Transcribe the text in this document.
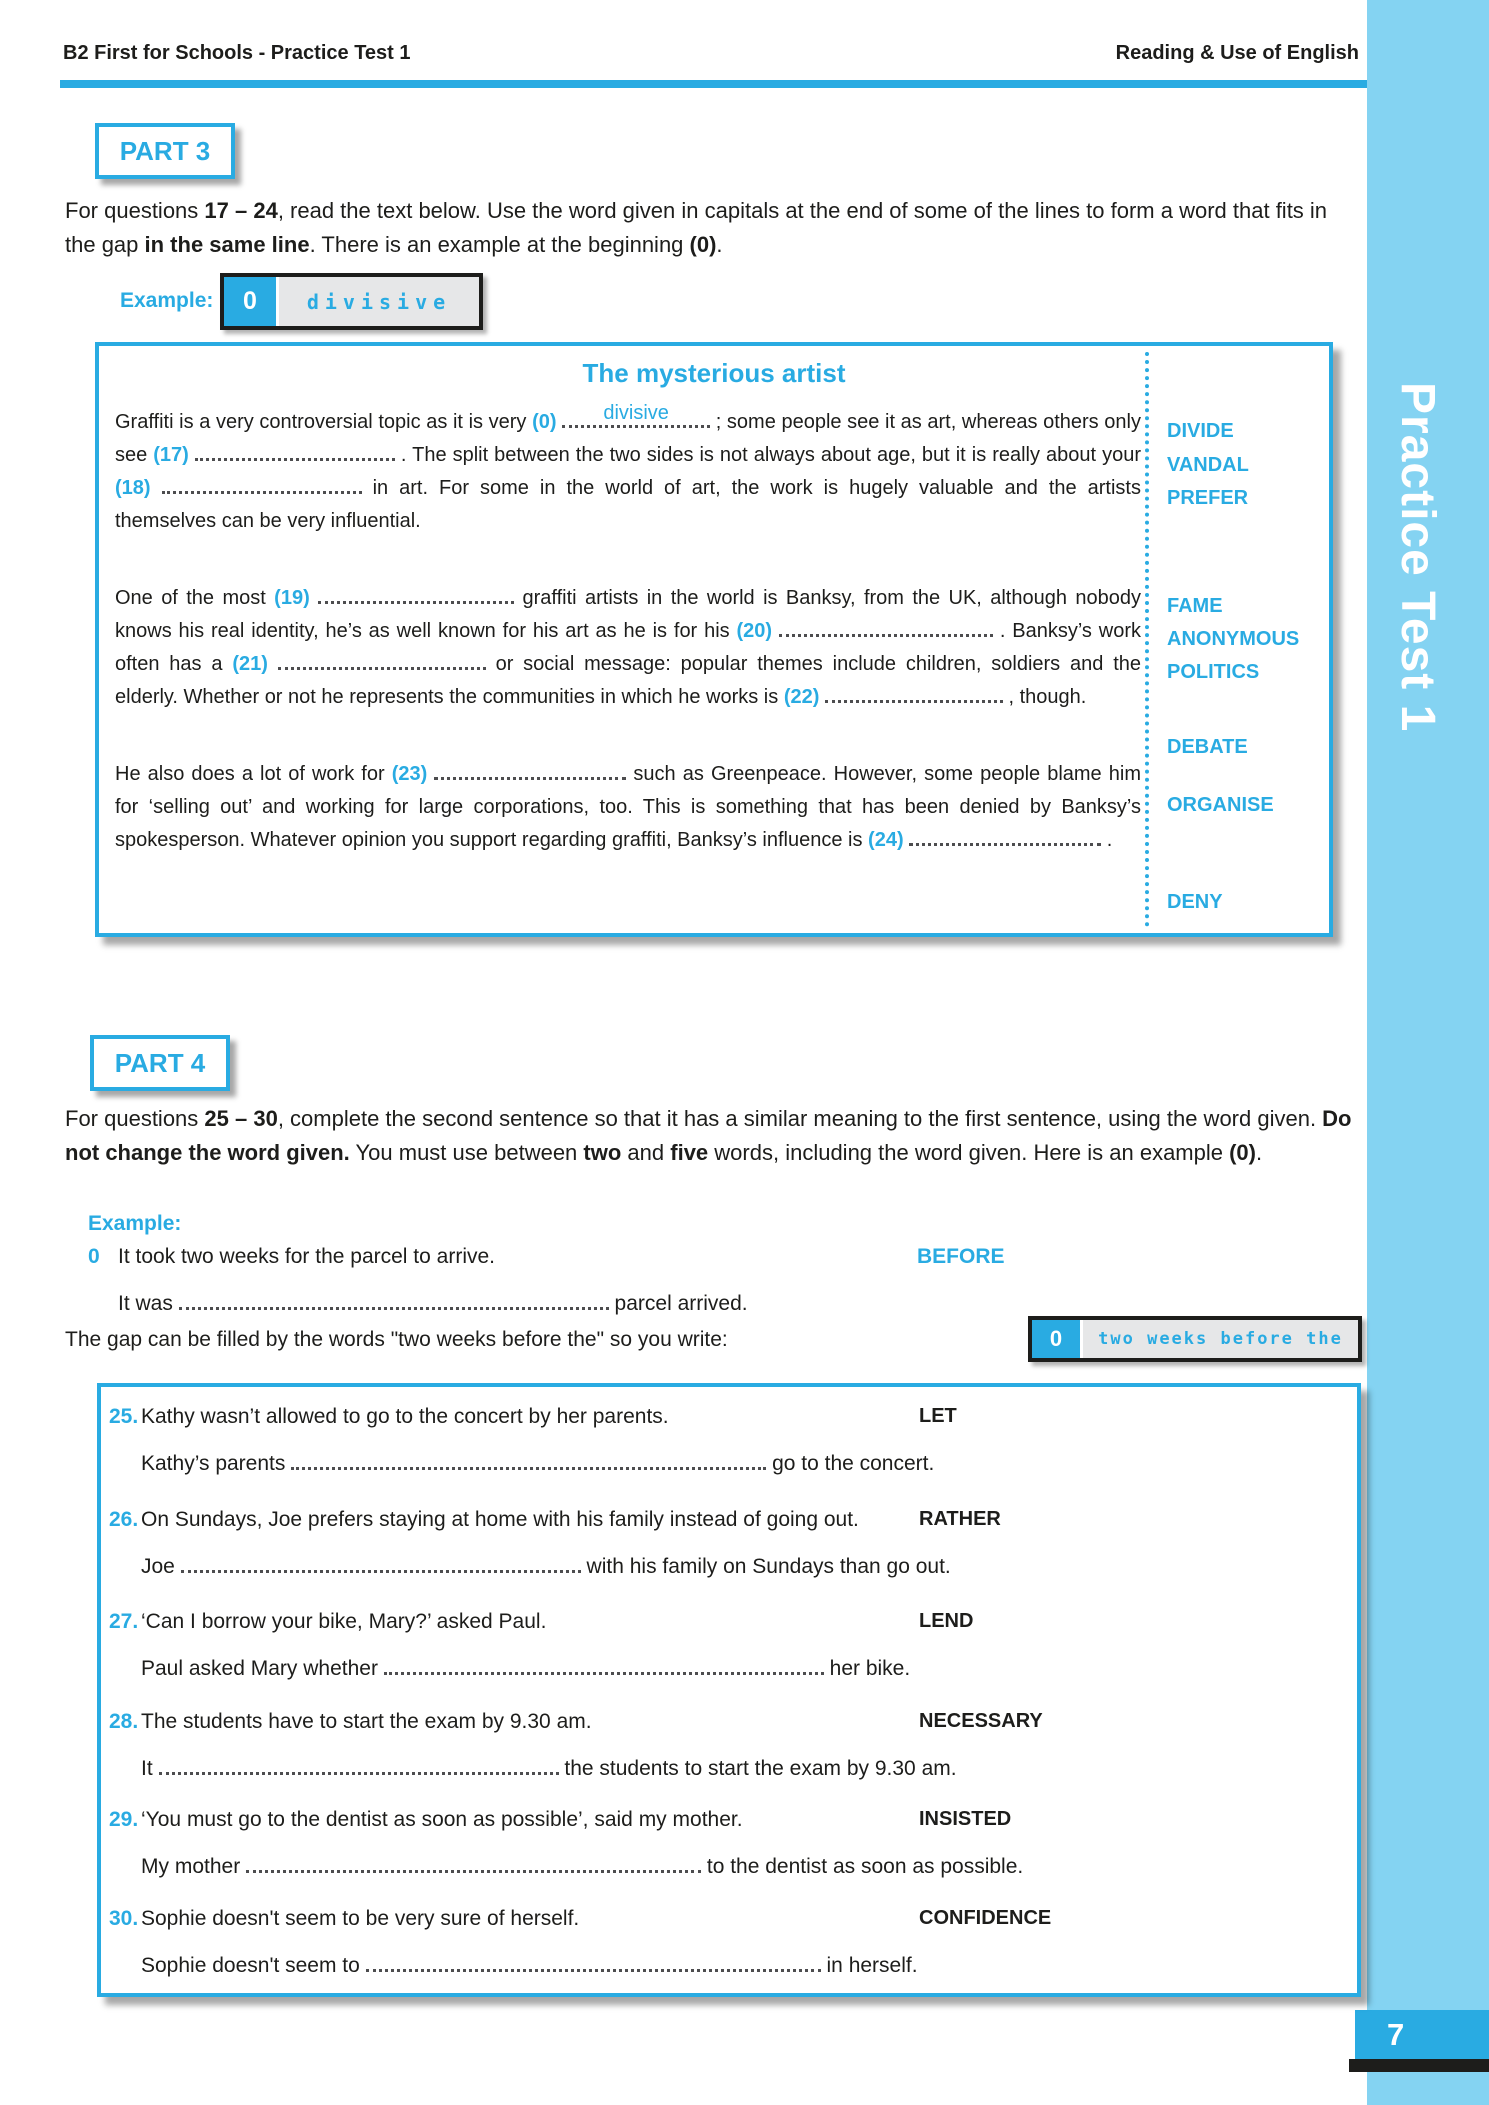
Practice Test 1
7
B2 First for Schools - Practice Test 1	Reading & Use of English
PART 3
For questions 17 – 24, read the text below. Use the word given in capitals at the end of some of the lines to form a word that fits in the gap in the same line. There is an example at the beginning (0).
Example:	0	divisive
The mysterious artist

Graffiti is a very controversial topic as it is very (0)	divisive	; some people see it as art, whereas others only see (17)	. The split between the two sides is not always about age, but it is really about your (18)	in art. For some in the world of art, the work is hugely valuable and the artists themselves can be very influential.

One of the most (19)	graffiti artists in the world is Banksy, from the UK, although nobody knows his real identity, he’s as well known for his art as he is for his (20)	. Banksy’s work often has a (21)	or social message: popular themes include children, soldiers and the elderly. Whether or not he represents the communities in which he works is (22)	, though.

He also does a lot of work for (23)	such as Greenpeace. However, some people blame him for ‘selling out’ and working for large corporations, too. This is something that has been denied by Banksy’s spokesperson. Whatever opinion you support regarding graffiti, Banksy’s influence is (24)	.

DIVIDE
VANDAL
PREFER
FAME
ANONYMOUS
POLITICS
DEBATE
ORGANISE
DENY
PART 4
For questions 25 – 30, complete the second sentence so that it has a similar meaning to the first sentence, using the word given. Do not change the word given. You must use between two and five words, including the word given. Here is an example (0).
Example:
0 It took two weeks for the parcel to arrive.	BEFORE
It was	parcel arrived.
The gap can be filled by the words "two weeks before the" so you write:	0	two weeks before the
25. Kathy wasn’t allowed to go to the concert by her parents.	LET
Kathy’s parents	go to the concert.
26. On Sundays, Joe prefers staying at home with his family instead of going out.	RATHER
Joe	with his family on Sundays than go out.
27. ‘Can I borrow your bike, Mary?’ asked Paul.	LEND
Paul asked Mary whether	her bike.
28. The students have to start the exam by 9.30 am.	NECESSARY
It	the students to start the exam by 9.30 am.
29. ‘You must go to the dentist as soon as possible’, said my mother.	INSISTED
My mother	to the dentist as soon as possible.
30. Sophie doesn't seem to be very sure of herself.	CONFIDENCE
Sophie doesn't seem to	in herself.
